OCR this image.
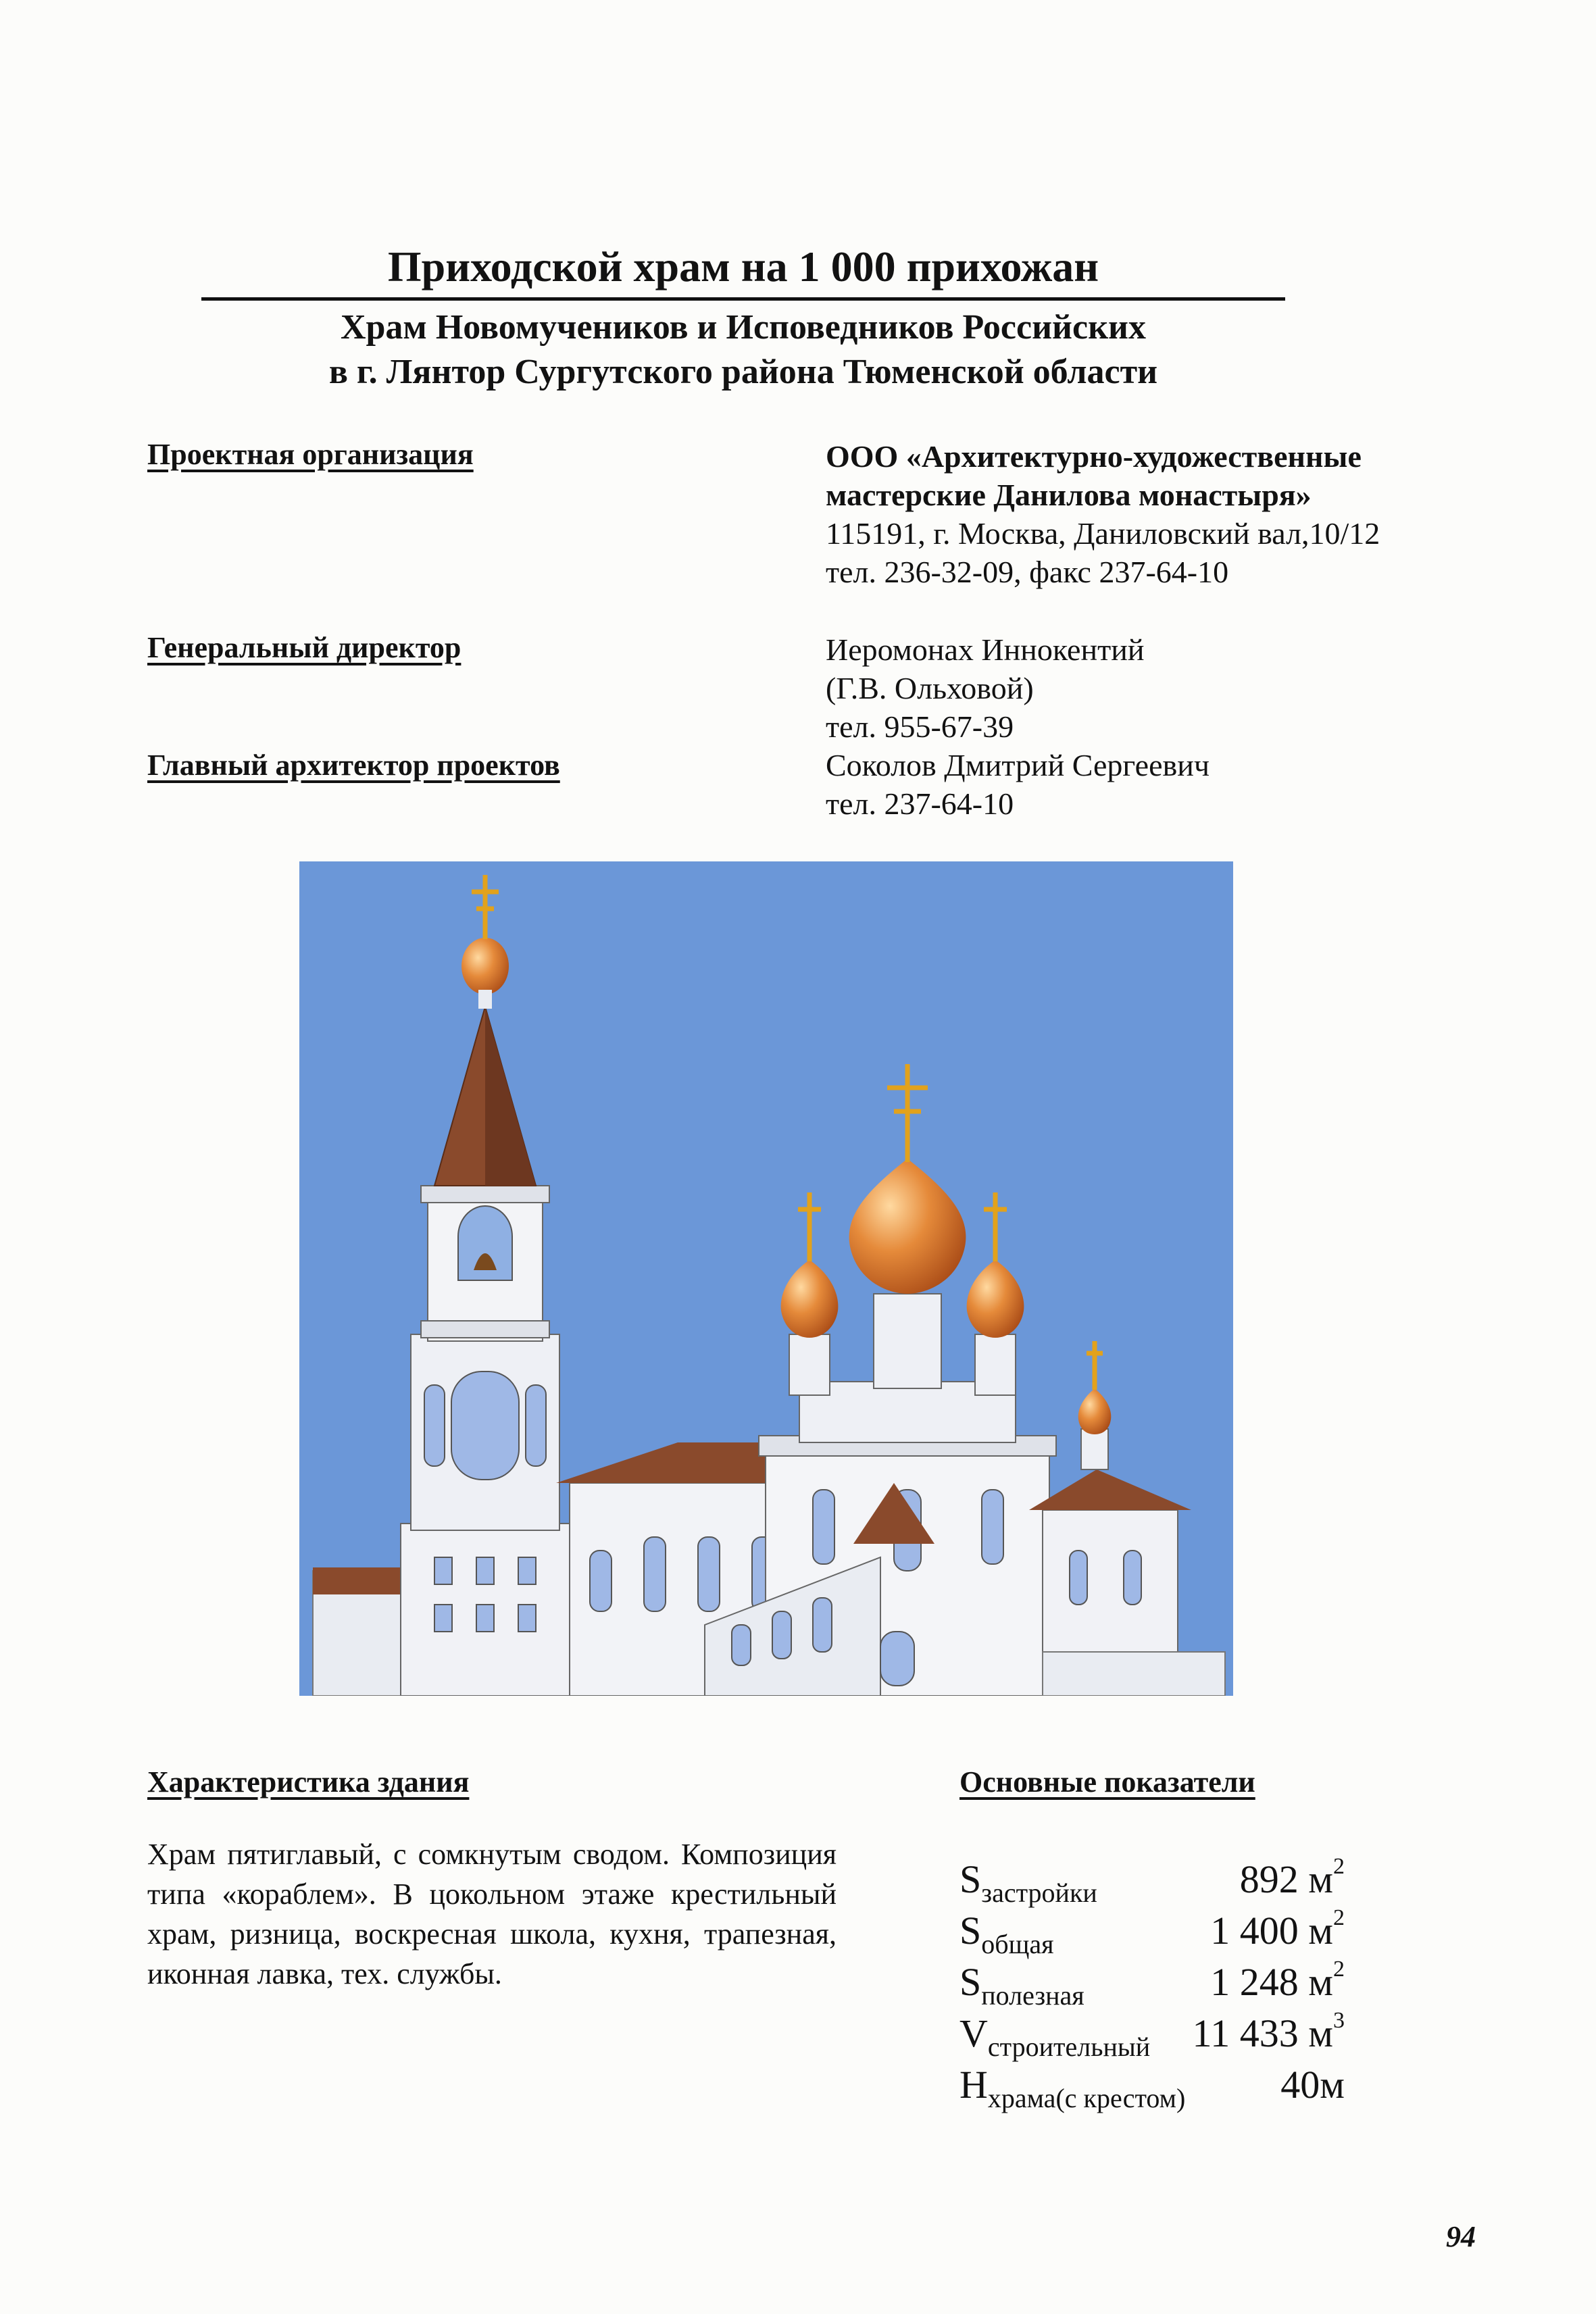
Приходской храм на 1 000 прихожан
Храм Новомучеников и Исповедников Российских
в г. Лянтор Сургутского района Тюменской области
Проектная организация	ООО «Архитектурно-художественные
мастерские Данилова монастыря»
115191, г. Москва, Даниловский вал,10/12
тел. 236-32-09, факс 237-64-10
Генеральный директор	Иеромонах Иннокентий
(Г.В. Ольховой)
тел. 955-67-39
Главный архитектор проектов	Соколов Дмитрий Сергеевич
тел. 237-64-10
Характеристика здания
Храм пятиглавый, с сомкнутым сводом. Композиция типа «кораблем». В цокольном этаже крестильный храм, ризница, воскресная школа, кухня, трапезная, иконная лавка, тех. службы.
Основные показатели
$S_{застройки}$	892 $м^2$
$S_{общая}$	1 400 $м^2$
$S_{полезная}$	1 248 $м^2$
$V_{строительный}$ 11 433 $м^3$
$H_{храма(с крестом)}$ 40м
94
